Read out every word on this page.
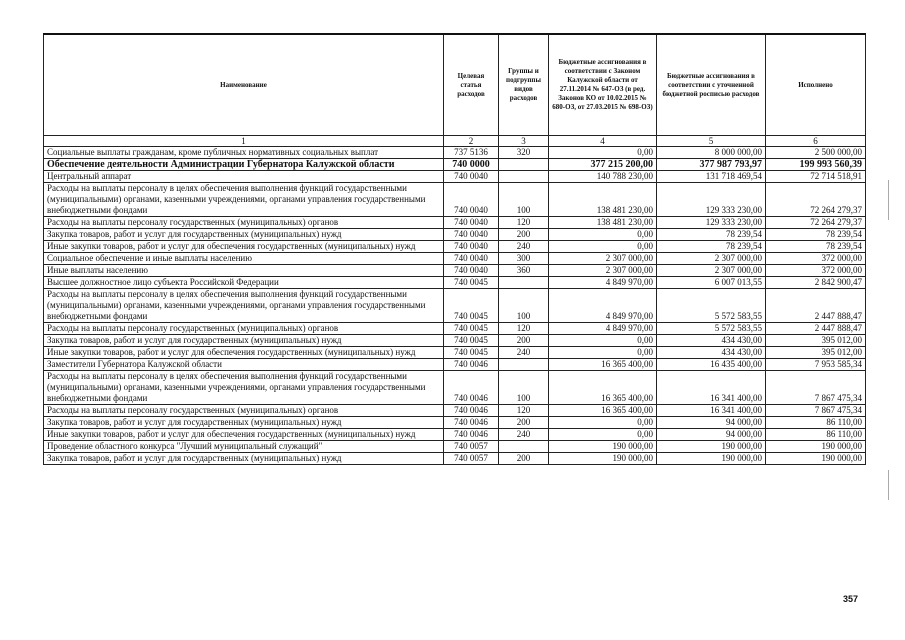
Наименование	Целевая статья расходов	Группы и подгруппы видов расходов	Бюджетные ассигнования в соответствии с Законом Калужской области от 27.11.2014 № 647-ОЗ (в ред. Законов КО от 10.02.2015 № 680-ОЗ, от 27.03.2015 № 698-ОЗ)	Бюджетные ассигнования в соответствии с уточненной бюджетной росписью расходов	Исполнено
1	2	3	4	5	6
Социальные выплаты гражданам, кроме публичных нормативных социальных выплат	737 5136	320	0,00	8 000 000,00	2 500 000,00
Обеспечение деятельности Администрации Губернатора Калужской области	740 0000		377 215 200,00	377 987 793,97	199 993 560,39
Центральный аппарат	740 0040		140 788 230,00	131 718 469,54	72 714 518,91
Расходы на выплаты персоналу в целях обеспечения выполнения функций государственными (муниципальными) органами, казенными учреждениями, органами управления государственными внебюджетными фондами	740 0040	100	138 481 230,00	129 333 230,00	72 264 279,37
Расходы на выплаты персоналу государственных (муниципальных) органов	740 0040	120	138 481 230,00	129 333 230,00	72 264 279,37
Закупка товаров, работ и услуг для государственных (муниципальных) нужд	740 0040	200	0,00	78 239,54	78 239,54
Иные закупки товаров, работ и услуг для обеспечения государственных (муниципальных) нужд	740 0040	240	0,00	78 239,54	78 239,54
Социальное обеспечение и иные выплаты населению	740 0040	300	2 307 000,00	2 307 000,00	372 000,00
Иные выплаты населению	740 0040	360	2 307 000,00	2 307 000,00	372 000,00
Высшее должностное лицо субъекта Российской Федерации	740 0045		4 849 970,00	6 007 013,55	2 842 900,47
Расходы на выплаты персоналу в целях обеспечения выполнения функций государственными (муниципальными) органами, казенными учреждениями, органами управления государственными внебюджетными фондами	740 0045	100	4 849 970,00	5 572 583,55	2 447 888,47
Расходы на выплаты персоналу государственных (муниципальных) органов	740 0045	120	4 849 970,00	5 572 583,55	2 447 888,47
Закупка товаров, работ и услуг для государственных (муниципальных) нужд	740 0045	200	0,00	434 430,00	395 012,00
Иные закупки товаров, работ и услуг для обеспечения государственных (муниципальных) нужд	740 0045	240	0,00	434 430,00	395 012,00
Заместители Губернатора Калужской области	740 0046		16 365 400,00	16 435 400,00	7 953 585,34
Расходы на выплаты персоналу в целях обеспечения выполнения функций государственными (муниципальными) органами, казенными учреждениями, органами управления государственными внебюджетными фондами	740 0046	100	16 365 400,00	16 341 400,00	7 867 475,34
Расходы на выплаты персоналу государственных (муниципальных) органов	740 0046	120	16 365 400,00	16 341 400,00	7 867 475,34
Закупка товаров, работ и услуг для государственных (муниципальных) нужд	740 0046	200	0,00	94 000,00	86 110,00
Иные закупки товаров, работ и услуг для обеспечения государственных (муниципальных) нужд	740 0046	240	0,00	94 000,00	86 110,00
Проведение областного конкурса "Лучший муниципальный служащий"	740 0057		190 000,00	190 000,00	190 000,00
Закупка товаров, работ и услуг для государственных (муниципальных) нужд	740 0057	200	190 000,00	190 000,00	190 000,00
357
